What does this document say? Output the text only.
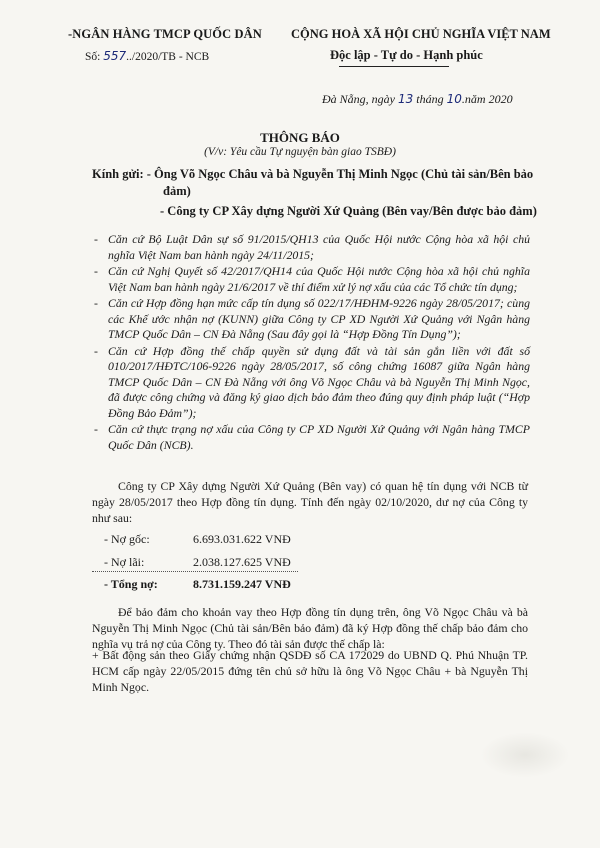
-NGÂN HÀNG TMCP QUỐC DÂN
Số: 557../2020/TB - NCB
CỘNG HOÀ XÃ HỘI CHỦ NGHĨA VIỆT NAM
Độc lập - Tự do - Hạnh phúc
Đà Nẵng, ngày 13 tháng 10.năm 2020
THÔNG BÁO
(V/v: Yêu cầu Tự nguyện bàn giao TSBĐ)
Kính gửi: - Ông Võ Ngọc Châu và bà Nguyễn Thị Minh Ngọc (Chủ tài sản/Bên bảo
đảm)
- Công ty CP Xây dựng Người Xứ Quảng (Bên vay/Bên được bảo đảm)
- Căn cứ Bộ Luật Dân sự số 91/2015/QH13 của Quốc Hội nước Cộng hòa xã hội chủ nghĩa Việt Nam ban hành ngày 24/11/2015;
- Căn cứ Nghị Quyết số 42/2017/QH14 của Quốc Hội nước Cộng hòa xã hội chủ nghĩa Việt Nam ban hành ngày 21/6/2017 về thí điểm xử lý nợ xấu của các Tổ chức tín dụng;
- Căn cứ Hợp đồng hạn mức cấp tín dụng số 022/17/HĐHM-9226 ngày 28/05/2017; cùng các Khế ước nhận nợ (KUNN) giữa Công ty CP XD Người Xứ Quảng với Ngân hàng TMCP Quốc Dân – CN Đà Nẵng (Sau đây gọi là “Hợp Đồng Tín Dụng”);
- Căn cứ Hợp đồng thế chấp quyền sử dụng đất và tài sản gắn liền với đất số 010/2017/HĐTC/106-9226 ngày 28/05/2017, số công chứng 16087 giữa Ngân hàng TMCP Quốc Dân – CN Đà Nẵng với ông Võ Ngọc Châu và bà Nguyễn Thị Minh Ngọc, đã được công chứng và đăng ký giao dịch bảo đảm theo đúng quy định pháp luật (“Hợp Đồng Bảo Đảm”);
- Căn cứ thực trạng nợ xấu của Công ty CP XD Người Xứ Quảng với Ngân hàng TMCP Quốc Dân (NCB).
Công ty CP Xây dựng Người Xứ Quảng (Bên vay) có quan hệ tín dụng với NCB từ ngày 28/05/2017 theo Hợp đồng tín dụng. Tính đến ngày 02/10/2020, dư nợ của Công ty như sau:
- Nợ gốc:	6.693.031.622 VNĐ
- Nợ lãi:	2.038.127.625 VNĐ
- Tổng nợ:	8.731.159.247 VNĐ
Để bảo đảm cho khoản vay theo Hợp đồng tín dụng trên, ông Võ Ngọc Châu và bà Nguyễn Thị Minh Ngọc (Chủ tài sản/Bên bảo đảm) đã ký Hợp đồng thế chấp bảo đảm cho nghĩa vụ trả nợ của Công ty. Theo đó tài sản được thế chấp là:
+ Bất động sản theo Giấy chứng nhận QSDĐ số CA 172029 do UBND Q. Phú Nhuận TP. HCM cấp ngày 22/05/2015 đứng tên chủ sở hữu là ông Võ Ngọc Châu + bà Nguyễn Thị Minh Ngọc.
